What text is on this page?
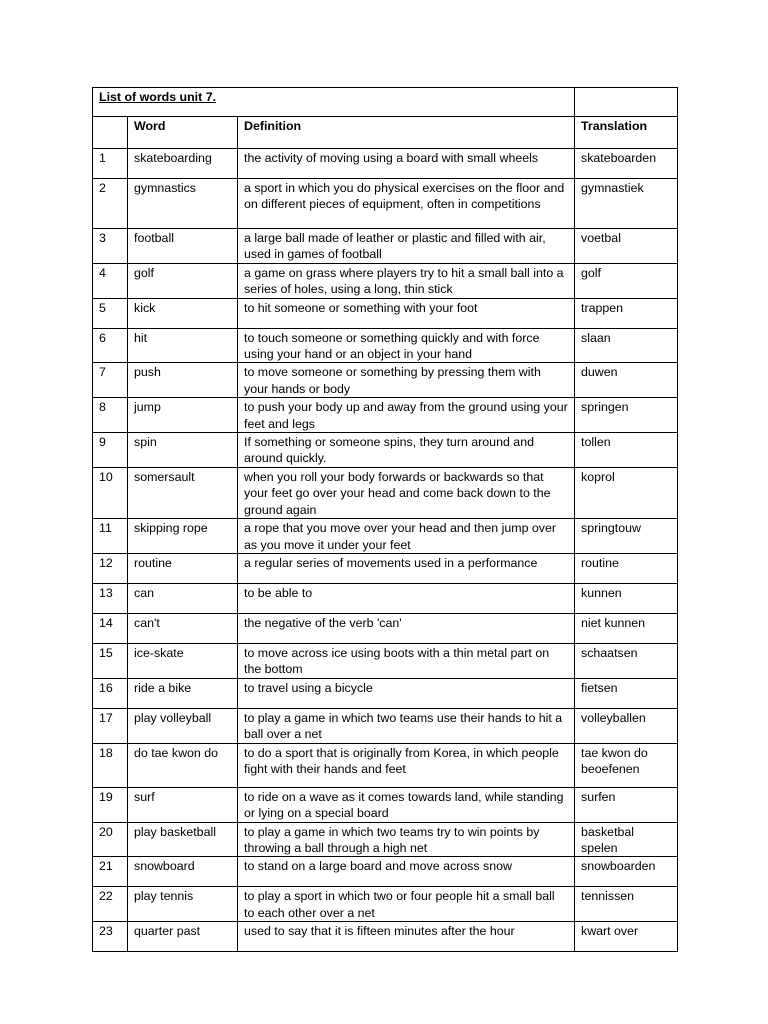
List of words unit 7.			
	Word	Definition	Translation
1	skateboarding	the activity of moving using a board with small wheels	skateboarden
2	gymnastics	a sport in which you do physical exercises on the floor and on different pieces of equipment, often in competitions	gymnastiek
3	football	a large ball made of leather or plastic and filled with air, used in games of football	voetbal
4	golf	a game on grass where players try to hit a small ball into a series of holes, using a long, thin stick	golf
5	kick	to hit someone or something with your foot	trappen
6	hit	to touch someone or something quickly and with force using your hand or an object in your hand	slaan
7	push	to move someone or something by pressing them with your hands or body	duwen
8	jump	to push your body up and away from the ground using your feet and legs	springen
9	spin	If something or someone spins, they turn around and around quickly.	tollen
10	somersault	when you roll your body forwards or backwards so that your feet go over your head and come back down to the ground again	koprol
11	skipping rope	a rope that you move over your head and then jump over as you move it under your feet	springtouw
12	routine	a regular series of movements used in a performance	routine
13	can	to be able to	kunnen
14	can't	the negative of the verb 'can'	niet kunnen
15	ice-skate	to move across ice using boots with a thin metal part on the bottom	schaatsen
16	ride a bike	to travel using a bicycle	fietsen
17	play volleyball	to play a game in which two teams use their hands to hit a ball over a net	volleyballen
18	do tae kwon do	to do a sport that is originally from Korea, in which people fight with their hands and feet	tae kwon do beoefenen
19	surf	to ride on a wave as it comes towards land, while standing or lying on a special board	surfen
20	play basketball	to play a game in which two teams try to win points by throwing a ball through a high net	basketbal spelen
21	snowboard	to stand on a large board and move across snow	snowboarden
22	play tennis	to play a sport in which two or four people hit a small ball to each other over a net	tennissen
23	quarter past	used to say that it is fifteen minutes after the hour	kwart over
